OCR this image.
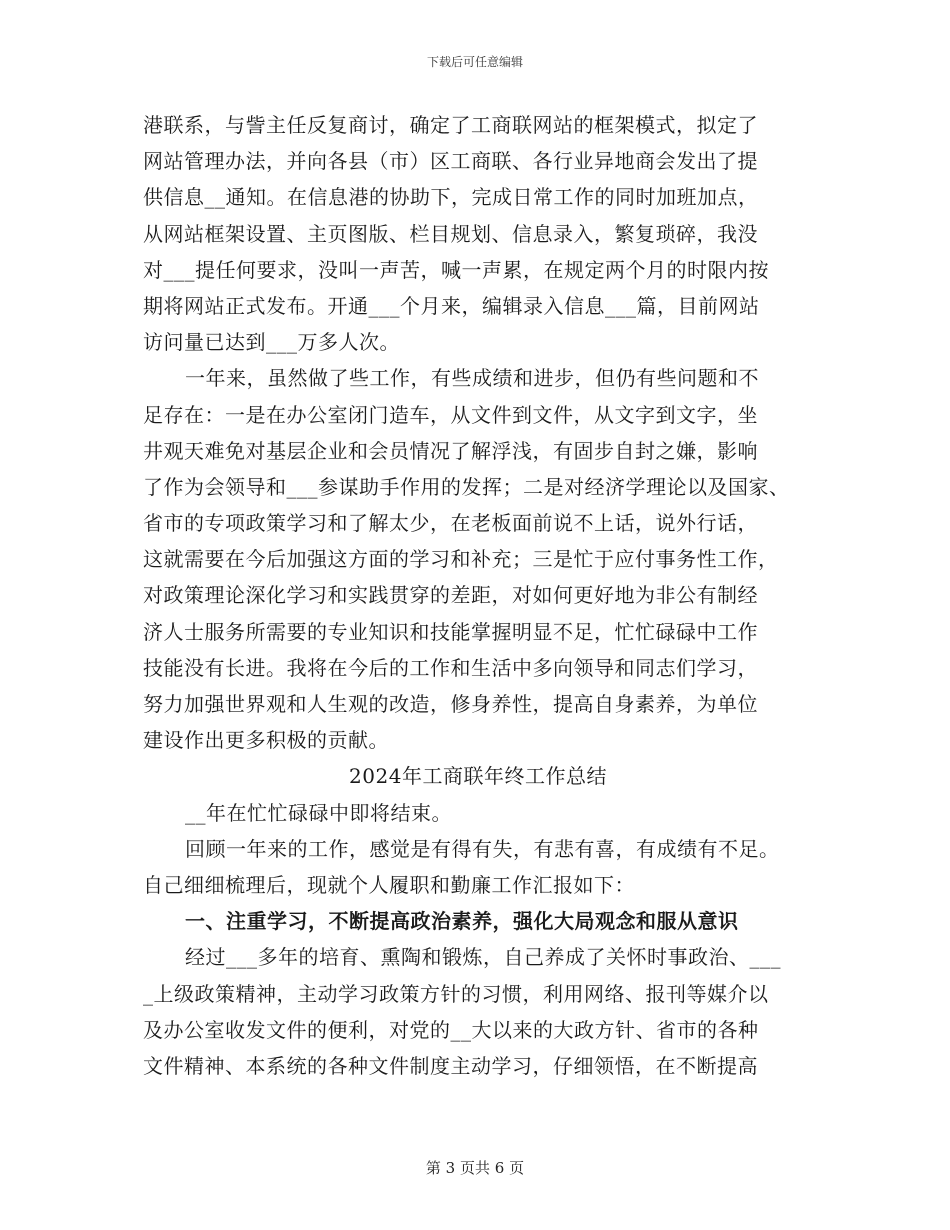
下载后可任意编辑
港联系，与訾主任反复商讨，确定了工商联网站的框架模式，拟定了
网站管理办法，并向各县（市）区工商联、各行业异地商会发出了提
供信息__通知。在信息港的协助下，完成日常工作的同时加班加点，
从网站框架设置、主页图版、栏目规划、信息录入，繁复琐碎，我没
对___提任何要求，没叫一声苦，喊一声累，在规定两个月的时限内按
期将网站正式发布。开通___个月来，编辑录入信息___篇，目前网站
访问量已达到___万多人次。
一年来，虽然做了些工作，有些成绩和进步，但仍有些问题和不
足存在：一是在办公室闭门造车，从文件到文件，从文字到文字，坐
井观天难免对基层企业和会员情况了解浮浅，有固步自封之嫌，影响
了作为会领导和___参谋助手作用的发挥；二是对经济学理论以及国家、
省市的专项政策学习和了解太少，在老板面前说不上话，说外行话，
这就需要在今后加强这方面的学习和补充；三是忙于应付事务性工作，
对政策理论深化学习和实践贯穿的差距，对如何更好地为非公有制经
济人士服务所需要的专业知识和技能掌握明显不足，忙忙碌碌中工作
技能没有长进。我将在今后的工作和生活中多向领导和同志们学习，
努力加强世界观和人生观的改造，修身养性，提高自身素养，为单位
建设作出更多积极的贡献。
2024年工商联年终工作总结
__年在忙忙碌碌中即将结束。
回顾一年来的工作，感觉是有得有失，有悲有喜，有成绩有不足。
自己细细梳理后，现就个人履职和勤廉工作汇报如下：
一、注重学习，不断提高政治素养，强化大局观念和服从意识
经过___多年的培育、熏陶和锻炼，自己养成了关怀时事政治、___
_上级政策精神，主动学习政策方针的习惯，利用网络、报刊等媒介以
及办公室收发文件的便利，对党的__大以来的大政方针、省市的各种
文件精神、本系统的各种文件制度主动学习，仔细领悟，在不断提高
第 3 页共 6 页
